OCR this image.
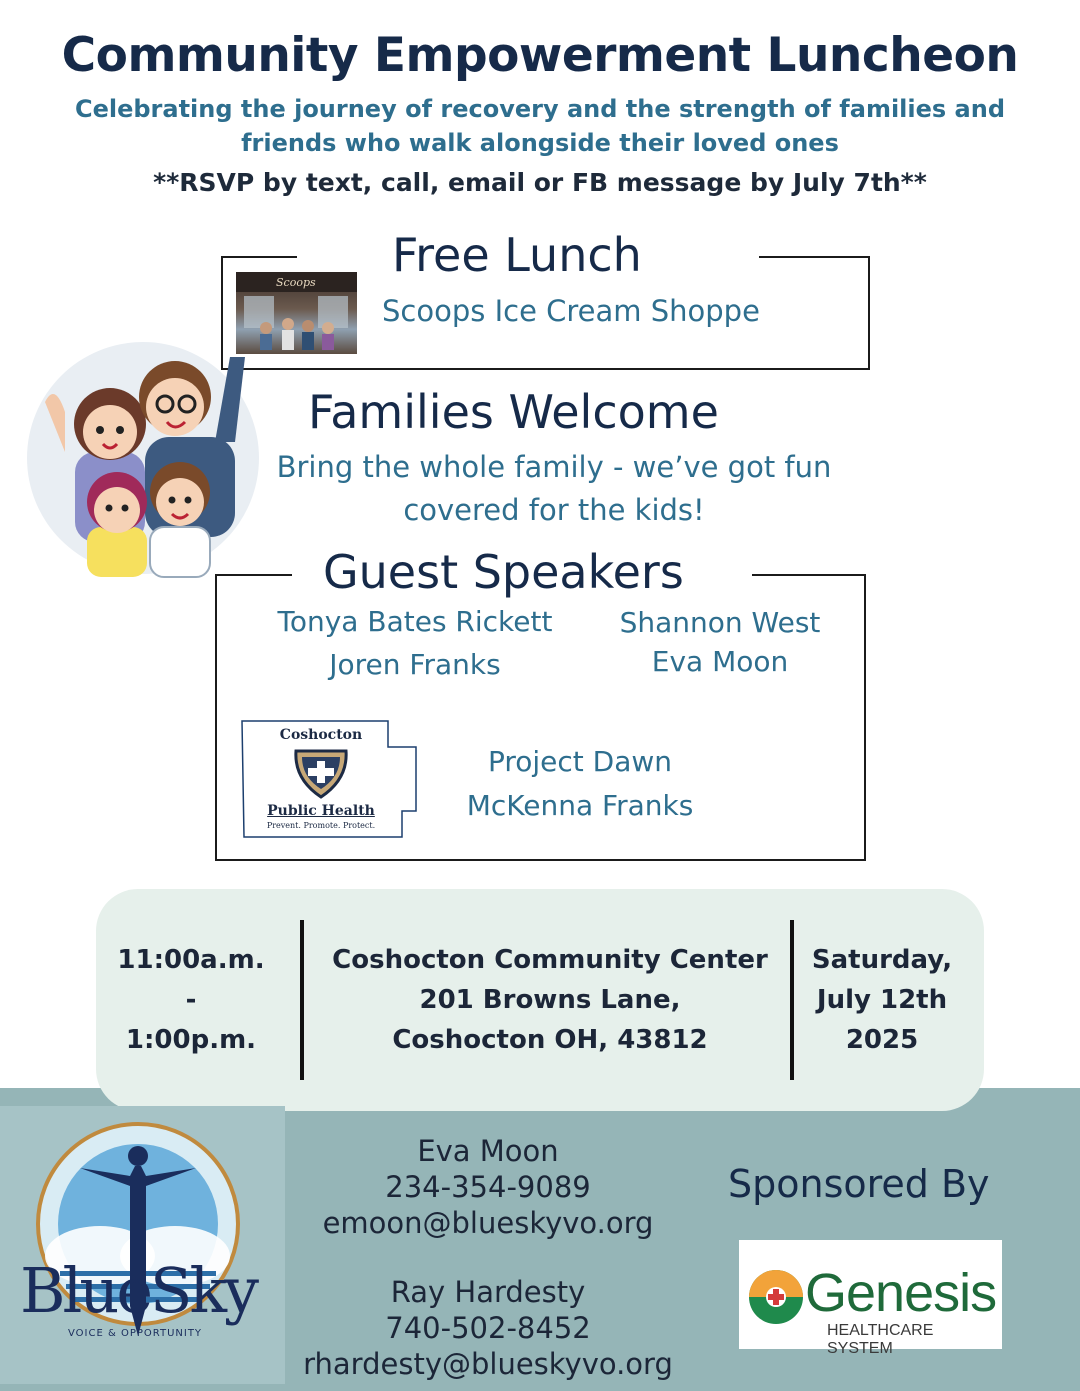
Community Empowerment Luncheon
Celebrating the journey of recovery and the strength of families and
friends who walk alongside their loved ones
**RSVP by text, call, email or FB message by July 7th**
Free Lunch
Scoops
Scoops Ice Cream Shoppe
Families Welcome
Bring the whole family - we’ve got fun
covered for the kids!
Guest Speakers
Tonya Bates Rickett
Joren Franks
Shannon West
Eva Moon
Coshocton
Public Health
Prevent. Promote. Protect.
Project Dawn
McKenna Franks
11:00a.m.
-
1:00p.m.
Coshocton Community Center
201 Browns Lane,
Coshocton OH, 43812
Saturday,
July 12th
2025
BlueSky
VOICE & OPPORTUNITY
Eva Moon
234-354-9089
emoon@blueskyvo.org
Ray Hardesty
740-502-8452
rhardesty@blueskyvo.org
Sponsored By
Genesis
HEALTHCARE SYSTEM
